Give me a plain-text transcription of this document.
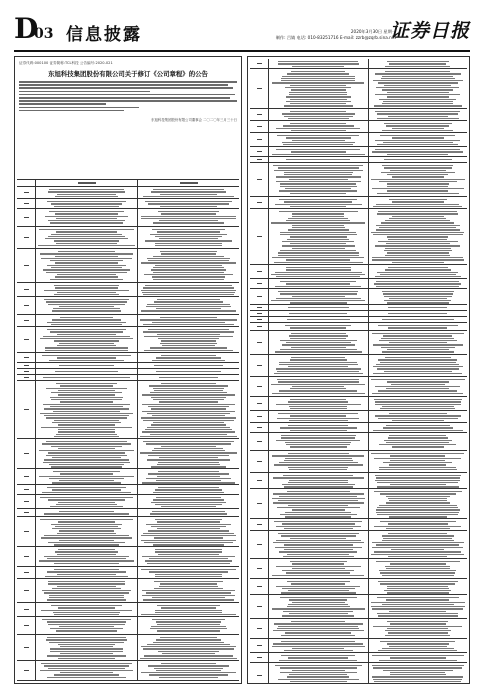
D
03 信息披露	2020年3月30日 星期一
制作: 吕婧 电话: 010-83251716 E-mail: zzrb@zqrb.sina.net
证券日报
证券代码:000100 证券简称:TCL科技 公告编号:2020-021
东旭科技集团股份有限公司关于修订《公司章程》的公告
东旭科技集团股份有限公司董事会 二〇二〇年三月三十日
